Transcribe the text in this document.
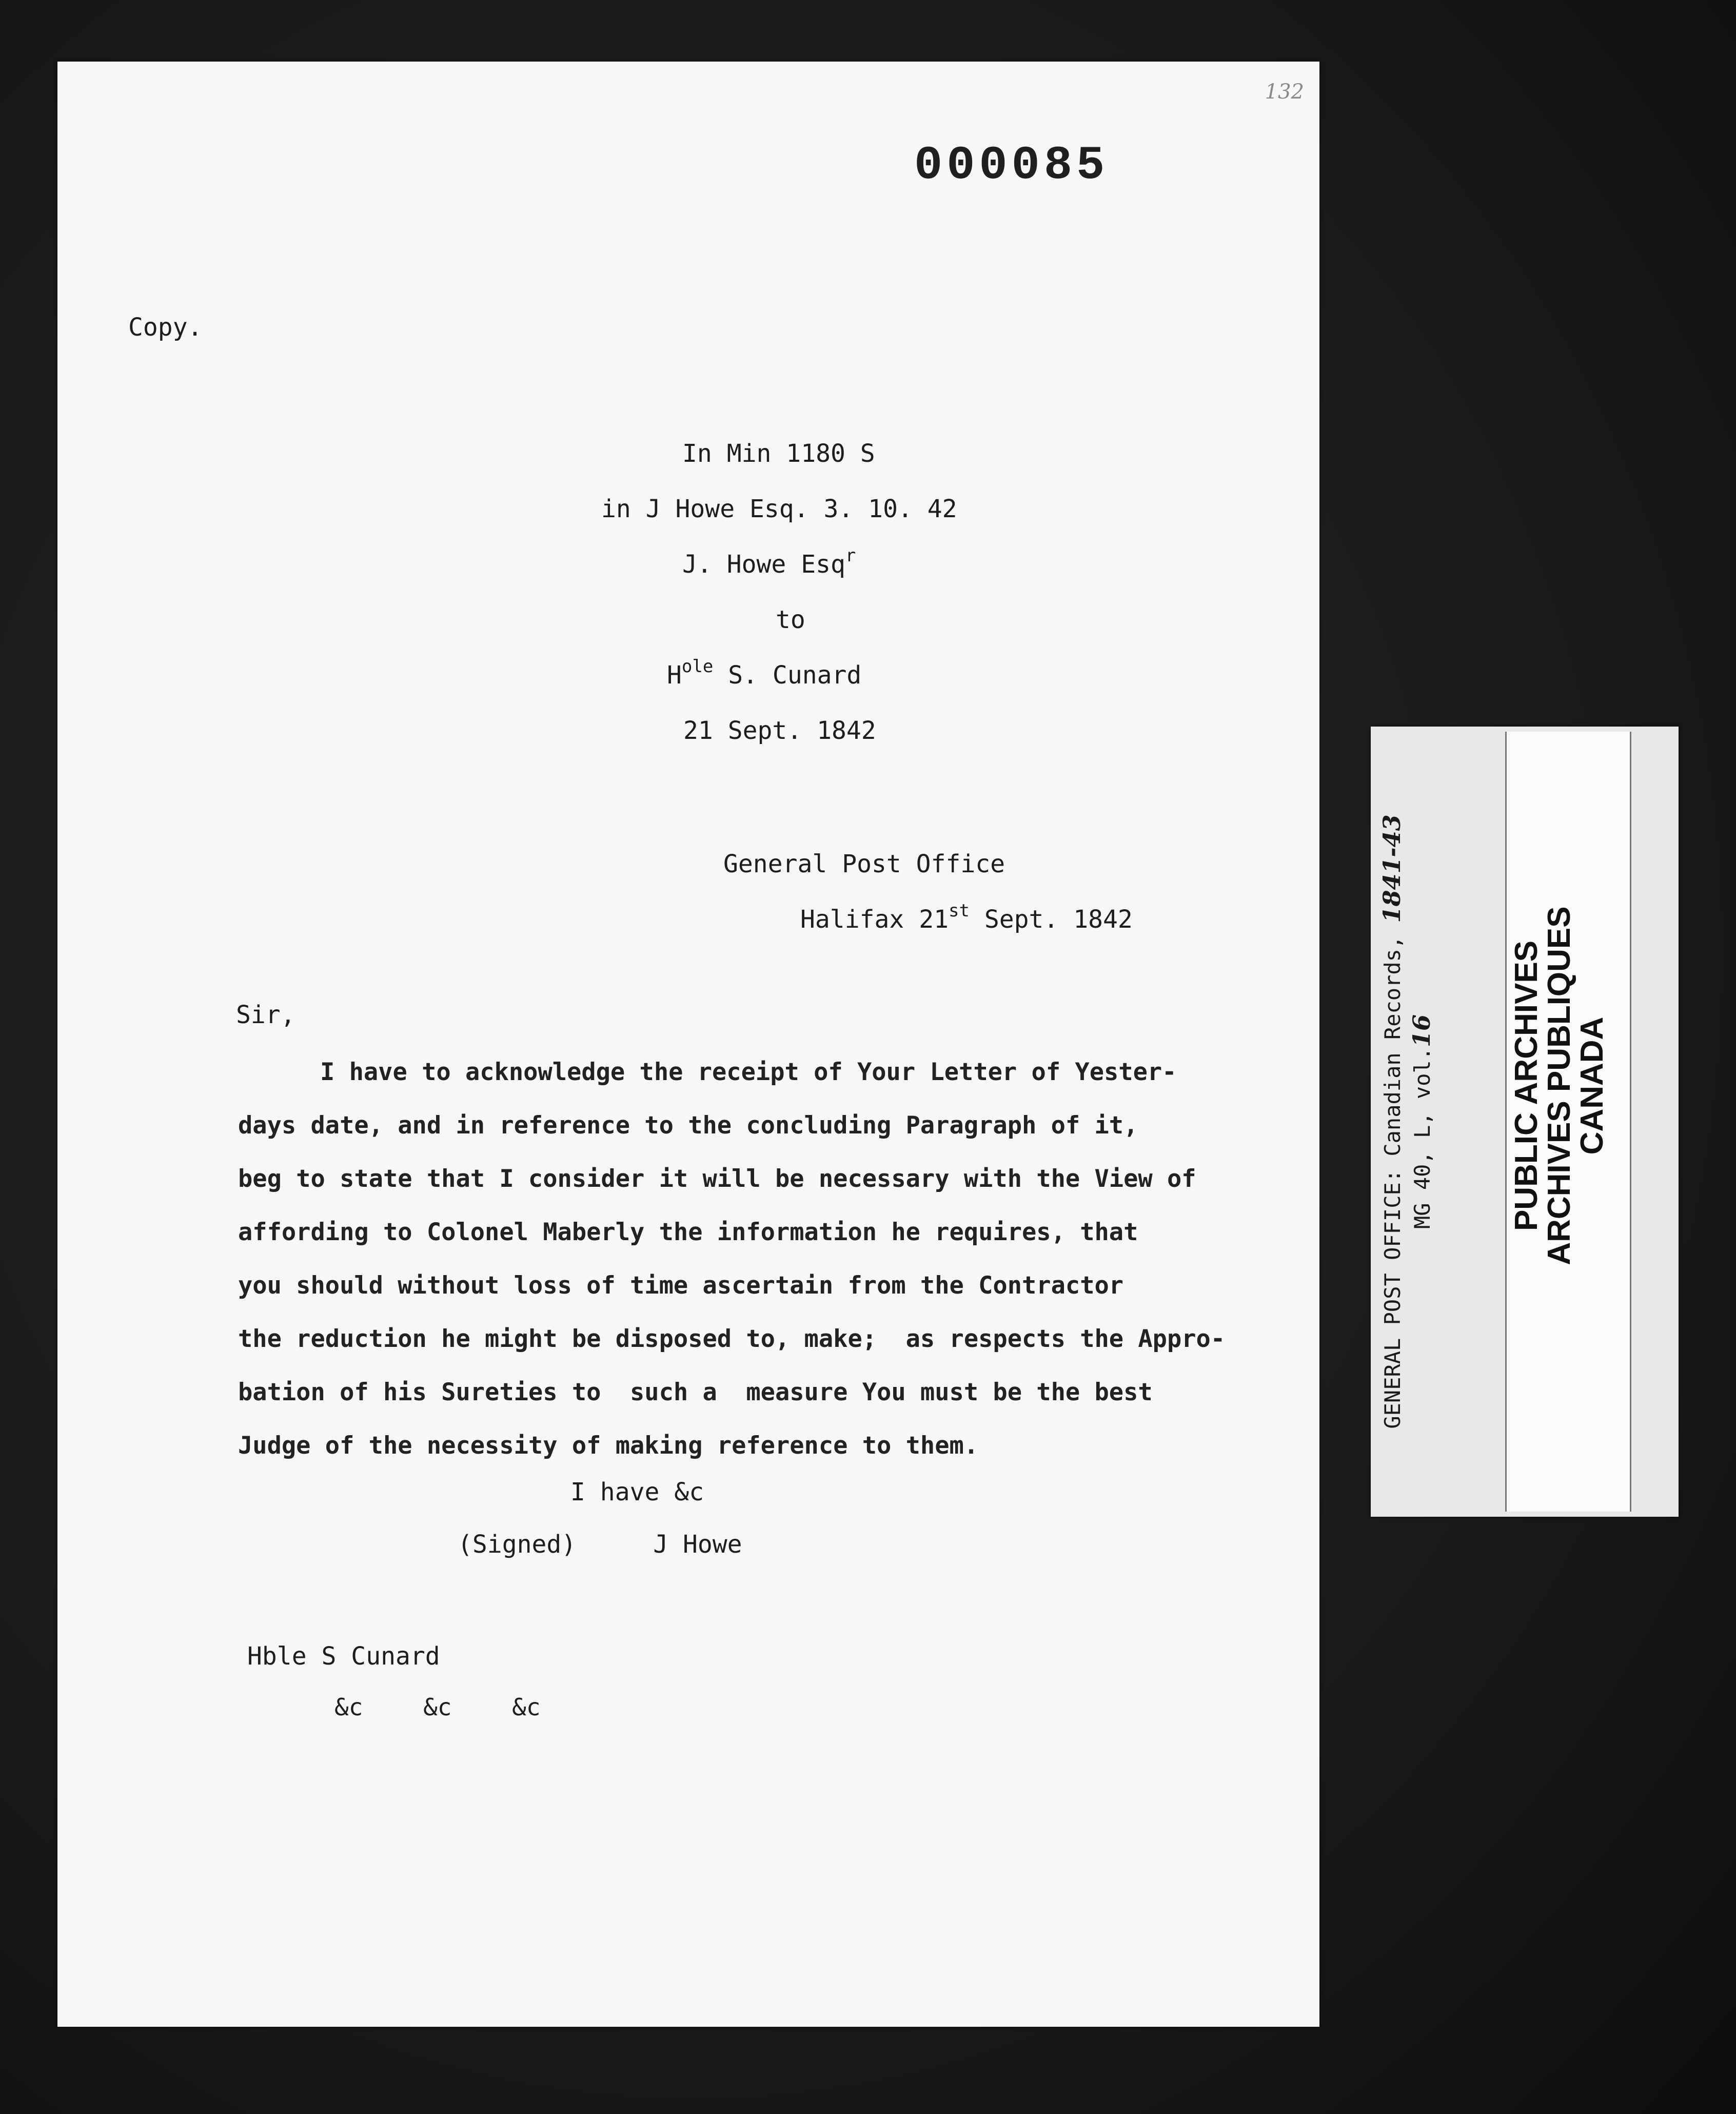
132
000085
Copy.
In Min 1180 S
in J Howe Esq. 3. 10. 42
J. Howe Esq$^r$
to
$H^{ole}$ S. Cunard
21 Sept. 1842
General Post Office
Halifax 21st Sept. 1842
Sir,
I have to acknowledge the receipt of Your Letter of Yester-
days date, and in reference to the concluding Paragraph of it,
beg to state that I consider it will be necessary with the View of
affording to Colonel Maberly the information he requires, that
you should without loss of time ascertain from the Contractor
the reduction he might be disposed to, make;  as respects the Appro-
bation of his Sureties to  such a  measure You must be the best
Judge of the necessity of making reference to them.
I have &c
(Signed)	J Howe
Hble S Cunard
&c &c &c
GENERAL POST OFFICE: Canadian Records, 1841-43
MG 40, L, vol.16 PUBLIC ARCHIVES
ARCHIVES PUBLIQUES
CANADA
